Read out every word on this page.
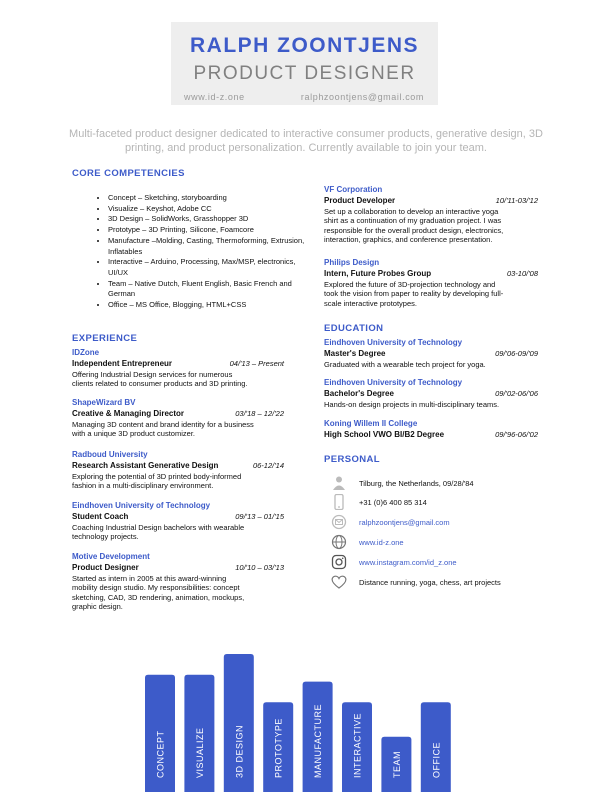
RALPH ZOONTJENS
PRODUCT DESIGNER
www.id-z.one	ralphzoontjens@gmail.com
Multi-faceted product designer dedicated to interactive consumer products, generative design, 3D printing, and product personalization. Currently available to join your team.
CORE COMPETENCIES
• Concept – Sketching, storyboarding
• Visualize – Keyshot, Adobe CC
• 3D Design – SolidWorks, Grasshopper 3D
• Prototype – 3D Printing, Silicone, Foamcore
• Manufacture –Molding, Casting, Thermoforming, Extrusion, Inflatables
• Interactive – Arduino, Processing, Max/MSP, electronics, UI/UX
• Team – Native Dutch, Fluent English, Basic French and German
• Office – MS Office, Blogging, HTML+CSS
EXPERIENCE
IDZone
Independent Entrepreneur	04/'13 – Present
Offering Industrial Design services for numerous
clients related to consumer products and 3D printing.
ShapeWizard BV
Creative & Managing Director	03/'18 – 12/'22
Managing 3D content and brand identity for a business
with a unique 3D product customizer.
Radboud University
Research Assistant Generative Design	06-12/'14
Exploring the potential of 3D printed body-informed
fashion in a multi-disciplinary environment.
Eindhoven University of Technology
Student Coach	09/'13 – 01/'15
Coaching Industrial Design bachelors with wearable
technology projects.
Motive Development
Product Designer	10/'10 – 03/'13
Started as intern in 2005 at this award-winning
mobility design studio. My responsibilities: concept
sketching, CAD, 3D rendering, animation, mockups,
graphic design.
VF Corporation
Product Developer	10/'11-03/'12
Set up a collaboration to develop an interactive yoga
shirt as a continuation of my graduation project. I was
responsible for the overall product design, electronics,
interaction, graphics, and conference presentation.
Philips Design
Intern, Future Probes Group	03-10/'08
Explored the future of 3D-projection technology and
took the vision from paper to reality by developing full-
scale interactive prototypes.
EDUCATION
Eindhoven University of Technology
Master's Degree	09/'06-09/'09
Graduated with a wearable tech project for yoga.
Eindhoven University of Technology
Bachelor's Degree	09/'02-06/'06
Hands-on design projects in multi-disciplinary teams.
Koning Willem II College
High School VWO BI/B2 Degree	09/'96-06/'02
PERSONAL
Tilburg, the Netherlands, 09/28/'84
+31 (0)6 400 85 314
ralphzoontjens@gmail.com
www.id-z.one
www.instagram.com/id_z.one
Distance running, yoga, chess, art projects
CONCEPT	VISUALIZE	3D DESIGN	PROTOTYPE	MANUFACTURE	INTERACTIVE	TEAM	OFFICE
